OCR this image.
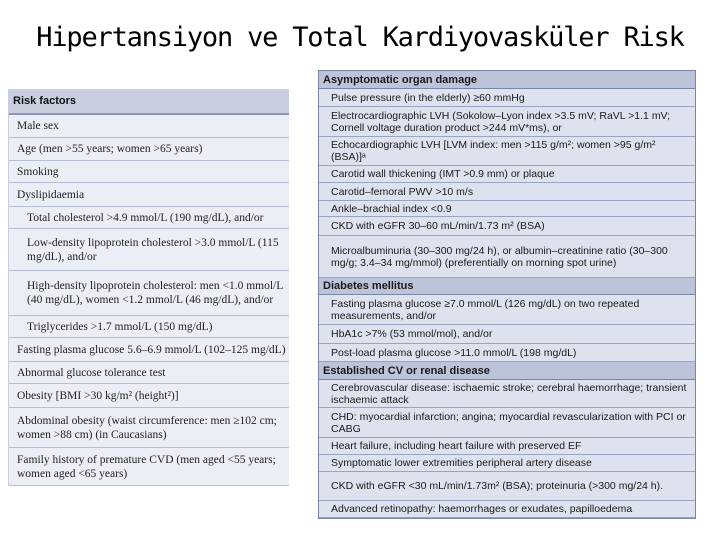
Hipertansiyon ve Total Kardiyovasküler Risk
Risk factors
Male sex
Age (men >55 years; women >65 years)
Smoking
Dyslipidaemia
Total cholesterol >4.9 mmol/L (190 mg/dL), and/or
Low-density lipoprotein cholesterol >3.0 mmol/L (115 mg/dL), and/or
High-density lipoprotein cholesterol: men <1.0 mmol/L (40 mg/dL), women <1.2 mmol/L (46 mg/dL), and/or
Triglycerides >1.7 mmol/L (150 mg/dL)
Fasting plasma glucose 5.6–6.9 mmol/L (102–125 mg/dL)
Abnormal glucose tolerance test
Obesity [BMI >30 kg/m² (height²)]
Abdominal obesity (waist circumference: men ≥102 cm; women >88 cm) (in Caucasians)
Family history of premature CVD (men aged <55 years; women aged <65 years)
Asymptomatic organ damage
Pulse pressure (in the elderly) ≥60 mmHg
Electrocardiographic LVH (Sokolow–Lyon index >3.5 mV; RaVL >1.1 mV; Cornell voltage duration product >244 mV*ms), or
Echocardiographic LVH [LVM index: men >115 g/m²; women >95 g/m² (BSA)]ᵃ
Carotid wall thickening (IMT >0.9 mm) or plaque
Carotid–femoral PWV >10 m/s
Ankle–brachial index <0.9
CKD with eGFR 30–60 mL/min/1.73 m² (BSA)
Microalbuminuria (30–300 mg/24 h), or albumin–creatinine ratio (30–300 mg/g; 3.4–34 mg/mmol) (preferentially on morning spot urine)
Diabetes mellitus
Fasting plasma glucose ≥7.0 mmol/L (126 mg/dL) on two repeated measurements, and/or
HbA1c >7% (53 mmol/mol), and/or
Post-load plasma glucose >11.0 mmol/L (198 mg/dL)
Established CV or renal disease
Cerebrovascular disease: ischaemic stroke; cerebral haemorrhage; transient ischaemic attack
CHD: myocardial infarction; angina; myocardial revascularization with PCI or CABG
Heart failure, including heart failure with preserved EF
Symptomatic lower extremities peripheral artery disease
CKD with eGFR <30 mL/min/1.73m² (BSA); proteinuria (>300 mg/24 h).
Advanced retinopathy: haemorrhages or exudates, papilloedema
